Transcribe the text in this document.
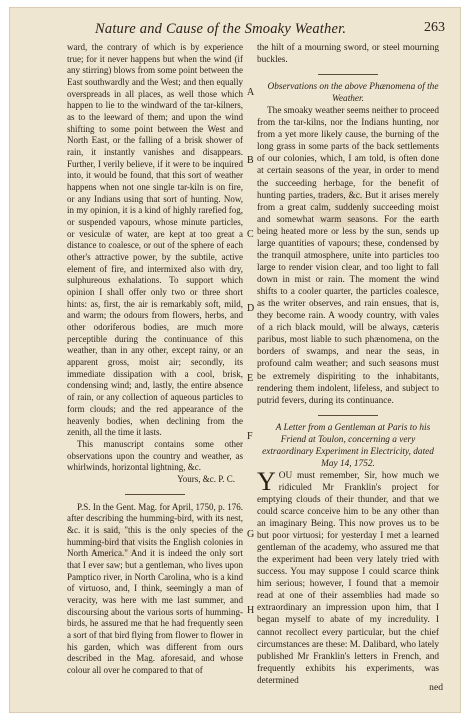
Nature and Cause of the Smoaky Weather.	263

ward, the contrary of which is by experience true; for it never happens but when the wind (if any stirring) blows from some point between the East southwardly and the West; and then equally overspreads in all places, as well those which happen to lie to the windward of the tar-kilners, as to the leeward of them; and upon the wind shifting to some point between the West and North East, or the falling of a brisk shower of rain, it instantly vanishes and disappears. Further, I verily believe, if it were to be inquired into, it would be found, that this sort of weather happens when not one single tar-kiln is on fire, or any Indians using that sort of hunting. Now, in my opinion, it is a kind of highly rarefied fog, or suspended vapours, whose minute particles, or vesiculæ of water, are kept at too great a distance to coalesce, or out of the sphere of each other's attractive power, by the subtile, active element of fire, and intermixed also with dry, sulphureous exhalations. To support which opinion I shall offer only two or three short hints: as, first, the air is remarkably soft, mild, and warm; the odours from flowers, herbs, and other odoriferous bodies, are much more perceptible during the continuance of this weather, than in any other, except rainy, or an apparent gross, moist air; secondly, its immediate dissipation with a cool, brisk, condensing wind; and, lastly, the entire absence of rain, or any collection of aqueous particles to form clouds; and the red appearance of the heavenly bodies, when declining from the zenith, all the time it lasts.

This manuscript contains some other observations upon the country and weather, as whirlwinds, horizontal lightning, &c.

Yours, &c. P. C.

P.S. In the Gent. Mag. for April, 1750, p. 176. after describing the humming-bird, with its nest, &c. it is said, "this is the only species of the humming-bird that visits the English colonies in North America." And it is indeed the only sort that I ever saw; but a gentleman, who lives upon Pamptico river, in North Carolina, who is a kind of virtuoso, and, I think, seemingly a man of veracity, was here with me last summer, and discoursing about the various sorts of humming-birds, he assured me that he had frequently seen a sort of that bird flying from flower to flower in his garden, which was different from ours described in the Mag. aforesaid, and whose colour all over he compared to that of

the hilt of a mourning sword, or steel mourning buckles.

Observations on the above Phænomena of the Weather.

The smoaky weather seems neither to proceed from the tar-kilns, nor the Indians hunting, nor from a yet more likely cause, the burning of the long grass in some parts of the back settlements of our colonies, which, I am told, is often done at certain seasons of the year, in order to mend the succeeding herbage, for the benefit of hunting parties, traders, &c. But it arises merely from a great calm, suddenly succeeding moist and somewhat warm seasons. For the earth being heated more or less by the sun, sends up large quantities of vapours; these, condensed by the tranquil atmosphere, unite into particles too large to render vision clear, and too light to fall down in mist or rain. The moment the wind shifts to a cooler quarter, the particles coalesce, as the writer observes, and rain ensues, that is, they become rain. A woody country, with vales of a rich black mould, will be always, cæteris paribus, most liable to such phænomena, on the borders of swamps, and near the seas, in profound calm weather; and such seasons must be extremely dispiriting to the inhabitants, rendering them indolent, lifeless, and subject to putrid fevers, during its continuance.

A Letter from a Gentleman at Paris to his Friend at Toulon, concerning a very extraordinary Experiment in Electricity, dated May 14, 1752.

YOU must remember, Sir, how much we ridiculed Mr Franklin's project for emptying clouds of their thunder, and that we could scarce conceive him to be any other than an imaginary Being. This now proves us to be but poor virtuosi; for yesterday I met a learned gentleman of the academy, who assured me that the experiment had been very lately tried with success. You may suppose I could scarce think him serious; however, I found that a memoir read at one of their assemblies had made so extraordinary an impression upon him, that I began myself to abate of my incredulity. I cannot recollect every particular, but the chief circumstances are these: M. Dalibard, who lately published Mr Franklin's letters in French, and frequently exhibits his experiments, was determined

A
B
C
D
E
F
G
H
ned
